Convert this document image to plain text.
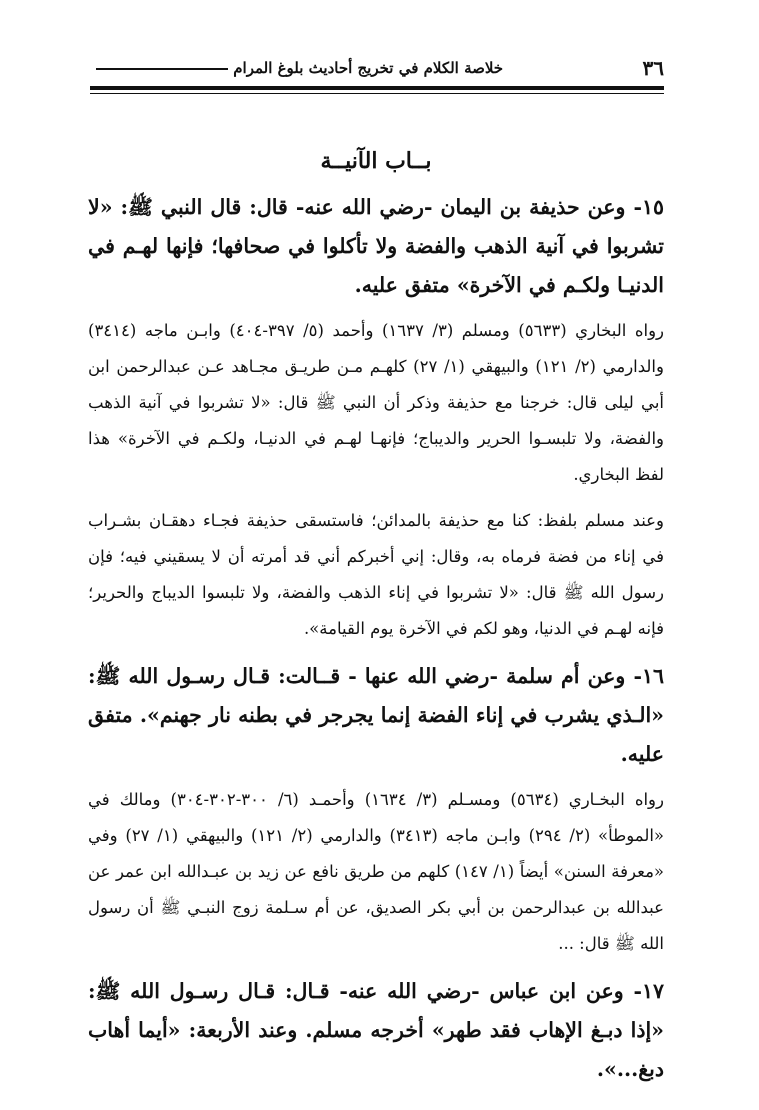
٣٦
خلاصة الكلام في تخريج أحاديث بلوغ المرام
بــاب الآنيــة

١٥- وعن حذيفة بن اليمان -رضي الله عنه- قال: قال النبي ﷺ: «لا تشربوا في آنية الذهب والفضة ولا تأكلوا في صحافها؛ فإنها لهـم في الدنيـا ولكـم في الآخرة» متفق عليه.

رواه البخاري (٥٦٣٣) ومسلم (٣/ ١٦٣٧) وأحمد (٥/ ٣٩٧-٤٠٤) وابـن ماجه (٣٤١٤) والدارمي (٢/ ١٢١) والبيهقي (١/ ٢٧) كلهـم مـن طريـق مجـاهد عـن عبدالرحمن ابن أبي ليلى قال: خرجنا مع حذيفة وذكر أن النبي ﷺ قال: «لا تشربوا في آنية الذهب والفضة، ولا تلبسـوا الحرير والديباج؛ فإنهـا لهـم في الدنيـا، ولكـم في الآخرة» هذا لفظ البخاري.

وعند مسلم بلفظ: كنا مع حذيفة بالمدائن؛ فاستسقى حذيفة فجـاء دهقـان بشـراب في إناء من فضة فرماه به، وقال: إني أخبركم أني قد أمرته أن لا يسقيني فيه؛ فإن رسول الله ﷺ قال: «لا تشربوا في إناء الذهب والفضة، ولا تلبسوا الديباج والحرير؛ فإنه لهـم في الدنيا، وهو لكم في الآخرة يوم القيامة».

١٦- وعن أم سلمة -رضي الله عنها - قــالت: قـال رسـول الله ﷺ: «الـذي يشرب في إناء الفضة إنما يجرجر في بطنه نار جهنم». متفق عليه.

رواه البخـاري (٥٦٣٤) ومسـلم (٣/ ١٦٣٤) وأحمـد (٦/ ٣٠٠-٣٠٢-٣٠٤) ومالك في «الموطأ» (٢/ ٢٩٤) وابـن ماجه (٣٤١٣) والدارمي (٢/ ١٢١) والبيهقي (١/ ٢٧) وفي «معرفة السنن» أيضاً (١/ ١٤٧) كلهم من طريق نافع عن زيد بن عبـدالله ابن عمر عن عبدالله بن عبدالرحمن بن أبي بكر الصديق، عن أم سـلمة زوج النبـي ﷺ أن رسول الله ﷺ قال: ...

١٧- وعن ابن عباس -رضي الله عنه- قـال: قـال رسـول الله ﷺ: «إذا دبـغ الإهاب فقد طهر» أخرجه مسلم. وعند الأربعة: «أيما أهاب دبغ...».
